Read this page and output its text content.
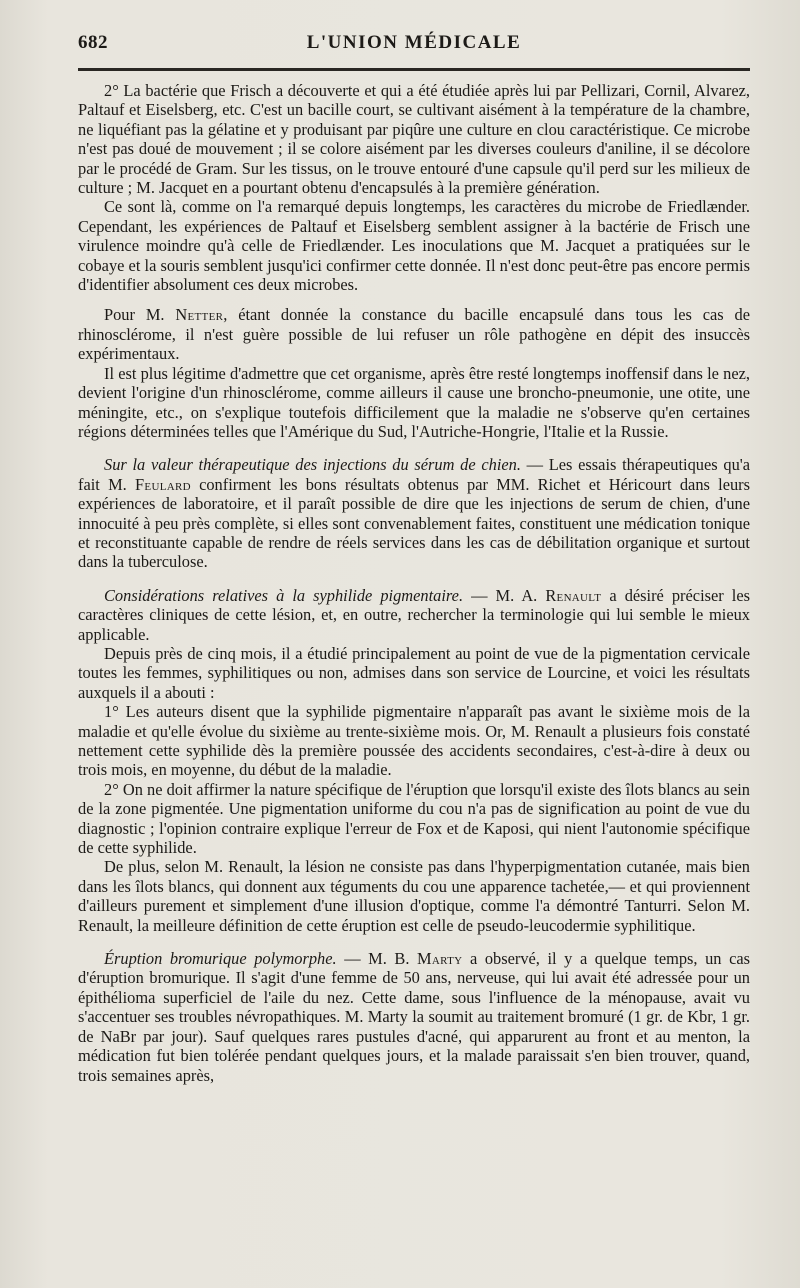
682	L'UNION MÉDICALE

2° La bactérie que Frisch a découverte et qui a été étudiée après lui par Pellizari, Cornil, Alvarez, Paltauf et Eiselsberg, etc. C'est un bacille court, se cultivant aisément à la température de la chambre, ne liquéfiant pas la gélatine et y produisant par piqûre une culture en clou caractéristique. Ce microbe n'est pas doué de mouvement ; il se colore aisément par les diverses couleurs d'aniline, il se décolore par le procédé de Gram. Sur les tissus, on le trouve entouré d'une capsule qu'il perd sur les milieux de culture ; M. Jacquet en a pourtant obtenu d'encapsulés à la première génération.

Ce sont là, comme on l'a remarqué depuis longtemps, les caractères du microbe de Friedlænder. Cependant, les expériences de Paltauf et Eiselsberg semblent assigner à la bactérie de Frisch une virulence moindre qu'à celle de Friedlænder. Les inoculations que M. Jacquet a pratiquées sur le cobaye et la souris semblent jusqu'ici confirmer cette donnée. Il n'est donc peut-être pas encore permis d'identifier absolument ces deux microbes.

Pour M. Netter, étant donnée la constance du bacille encapsulé dans tous les cas de rhinosclérome, il n'est guère possible de lui refuser un rôle pathogène en dépit des insuccès expérimentaux.

Il est plus légitime d'admettre que cet organisme, après être resté longtemps inoffensif dans le nez, devient l'origine d'un rhinosclérome, comme ailleurs il cause une broncho-pneumonie, une otite, une méningite, etc., on s'explique toutefois difficilement que la maladie ne s'observe qu'en certaines régions déterminées telles que l'Amérique du Sud, l'Autriche-Hongrie, l'Italie et la Russie.

Sur la valeur thérapeutique des injections du sérum de chien. — Les essais thérapeutiques qu'a fait M. Feulard confirment les bons résultats obtenus par MM. Richet et Héricourt dans leurs expériences de laboratoire, et il paraît possible de dire que les injections de serum de chien, d'une innocuité à peu près complète, si elles sont convenablement faites, constituent une médication tonique et reconstituante capable de rendre de réels services dans les cas de débilitation organique et surtout dans la tuberculose.

Considérations relatives à la syphilide pigmentaire. — M. A. Renault a désiré préciser les caractères cliniques de cette lésion, et, en outre, rechercher la terminologie qui lui semble le mieux applicable.

Depuis près de cinq mois, il a étudié principalement au point de vue de la pigmentation cervicale toutes les femmes, syphilitiques ou non, admises dans son service de Lourcine, et voici les résultats auxquels il a abouti :

1° Les auteurs disent que la syphilide pigmentaire n'apparaît pas avant le sixième mois de la maladie et qu'elle évolue du sixième au trente-sixième mois. Or, M. Renault a plusieurs fois constaté nettement cette syphilide dès la première poussée des accidents secondaires, c'est-à-dire à deux ou trois mois, en moyenne, du début de la maladie.

2° On ne doit affirmer la nature spécifique de l'éruption que lorsqu'il existe des îlots blancs au sein de la zone pigmentée. Une pigmentation uniforme du cou n'a pas de signification au point de vue du diagnostic ; l'opinion contraire explique l'erreur de Fox et de Kaposi, qui nient l'autonomie spécifique de cette syphilide.

De plus, selon M. Renault, la lésion ne consiste pas dans l'hyperpigmentation cutanée, mais bien dans les îlots blancs, qui donnent aux téguments du cou une apparence tachetée,— et qui proviennent d'ailleurs purement et simplement d'une illusion d'optique, comme l'a démontré Tanturri. Selon M. Renault, la meilleure définition de cette éruption est celle de pseudo-leucodermie syphilitique.

Éruption bromurique polymorphe. — M. B. Marty a observé, il y a quelque temps, un cas d'éruption bromurique. Il s'agit d'une femme de 50 ans, nerveuse, qui lui avait été adressée pour un épithélioma superficiel de l'aile du nez. Cette dame, sous l'influence de la ménopause, avait vu s'accentuer ses troubles névropathiques. M. Marty la soumit au traitement bromuré (1 gr. de Kbr, 1 gr. de NaBr par jour). Sauf quelques rares pustules d'acné, qui apparurent au front et au menton, la médication fut bien tolérée pendant quelques jours, et la malade paraissait s'en bien trouver, quand, trois semaines après,
